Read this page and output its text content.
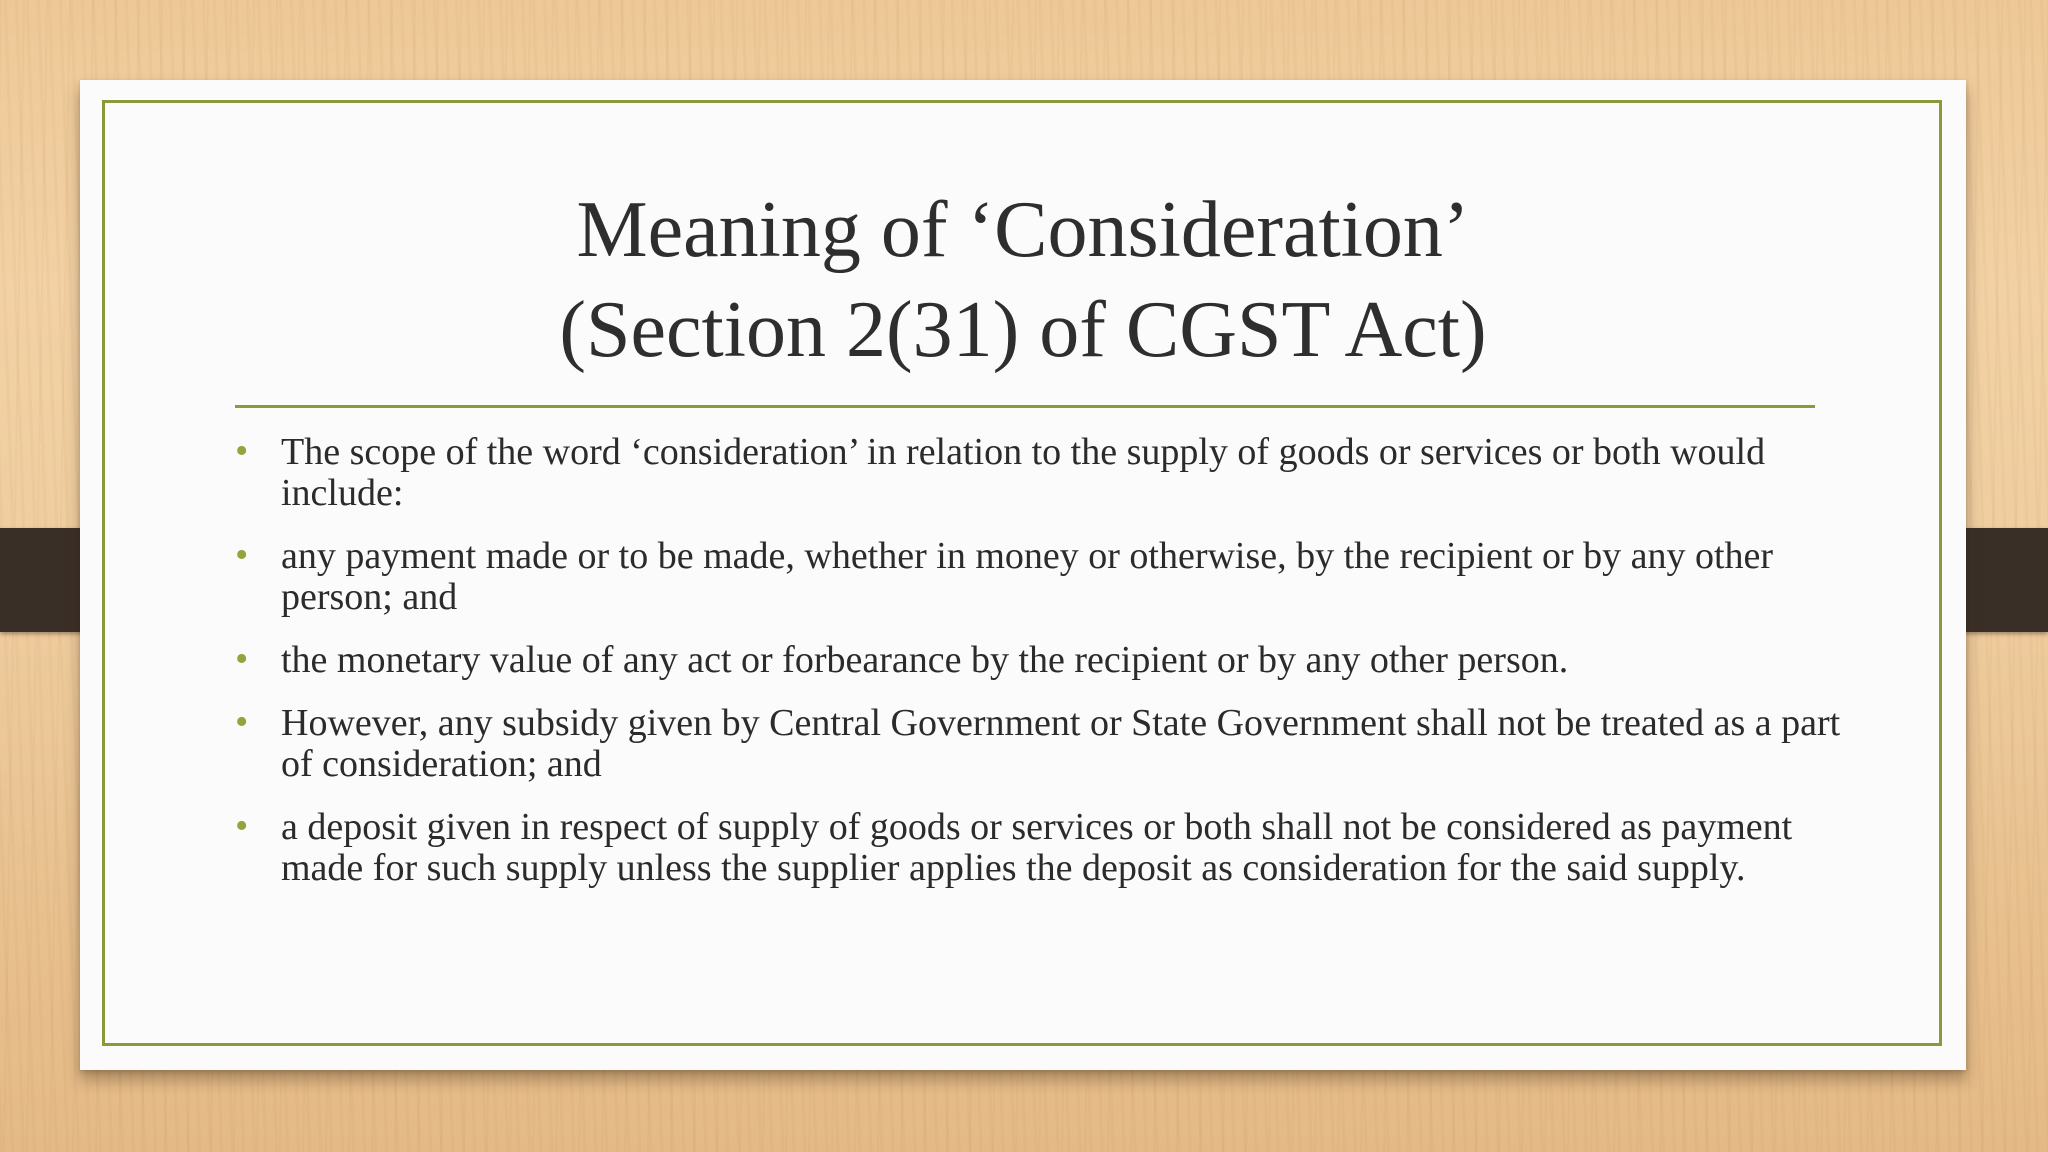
Meaning of ‘Consideration’
(Section 2(31) of CGST Act)
• The scope of the word ‘consideration’ in relation to the supply of goods or services or both would include:
• any payment made or to be made, whether in money or otherwise, by the recipient or by any other person; and
• the monetary value of any act or forbearance by the recipient or by any other person.
• However, any subsidy given by Central Government or State Government shall not be treated as a part of consideration; and
• a deposit given in respect of supply of goods or services or both shall not be considered as payment made for such supply unless the supplier applies the deposit as consideration for the said supply.
